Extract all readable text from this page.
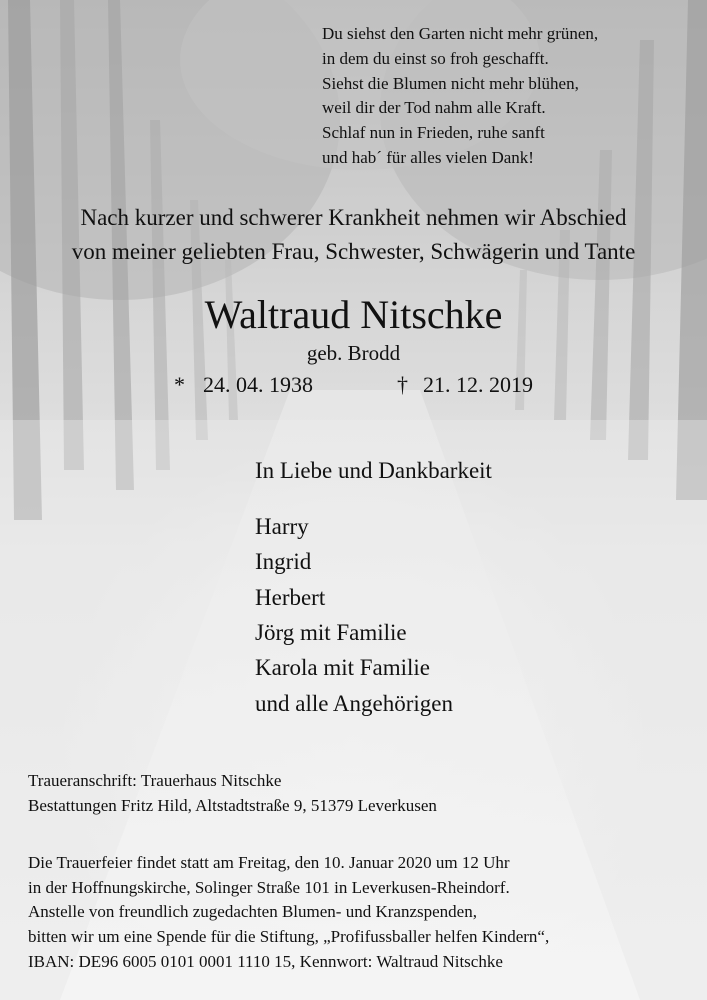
Du siehst den Garten nicht mehr grünen,
in dem du einst so froh geschafft.
Siehst die Blumen nicht mehr blühen,
weil dir der Tod nahm alle Kraft.
Schlaf nun in Frieden, ruhe sanft
und hab´ für alles vielen Dank!
Nach kurzer und schwerer Krankheit nehmen wir Abschied
von meiner geliebten Frau, Schwester, Schwägerin und Tante
Waltraud Nitschke
geb. Brodd
* 24. 04. 1938	† 21. 12. 2019
In Liebe und Dankbarkeit
Harry
Ingrid
Herbert
Jörg mit Familie
Karola mit Familie
und alle Angehörigen
Traueranschrift: Trauerhaus Nitschke
Bestattungen Fritz Hild, Altstadtstraße 9, 51379 Leverkusen
Die Trauerfeier findet statt am Freitag, den 10. Januar 2020 um 12 Uhr
in der Hoffnungskirche, Solinger Straße 101 in Leverkusen-Rheindorf.
Anstelle von freundlich zugedachten Blumen- und Kranzspenden,
bitten wir um eine Spende für die Stiftung, „Profifussballer helfen Kindern“,
IBAN: DE96 6005 0101 0001 1110 15, Kennwort: Waltraud Nitschke
